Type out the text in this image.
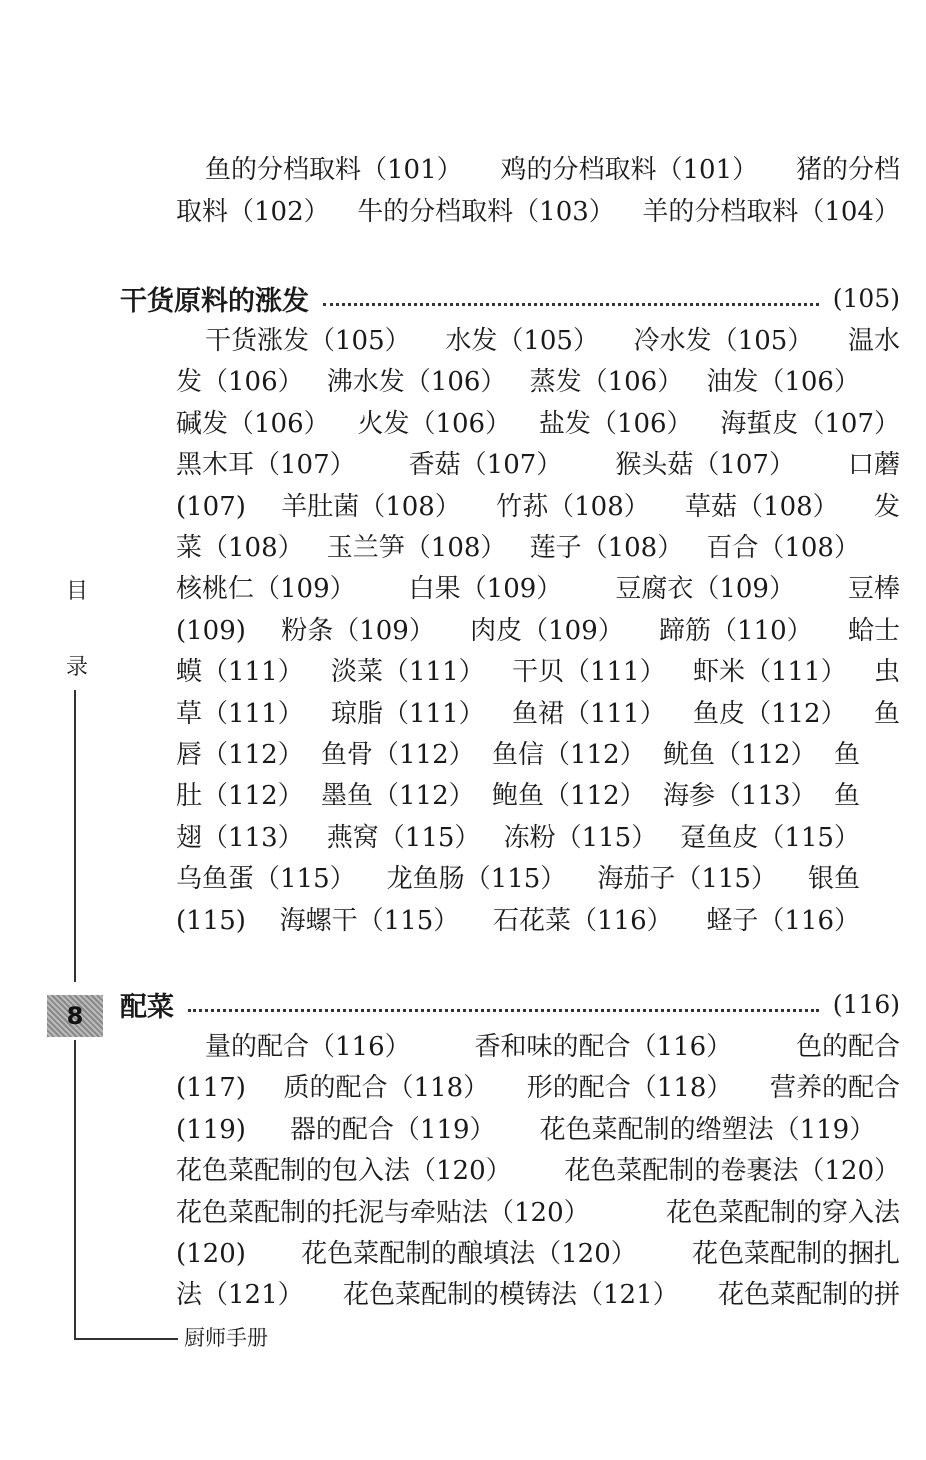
目
录
8
厨师手册
干货原料的涨发	(105)
配菜	(116)
鱼的分档取料（101） 鸡的分档取料（101） 猪的分档
取料（102） 牛的分档取料（103） 羊的分档取料（104）
干货涨发（105） 水发（105） 冷水发（105） 温水
发（106） 沸水发（106） 蒸发（106） 油发（106）
碱发（106） 火发（106） 盐发（106） 海蜇皮（107）
黑木耳（107） 香菇（107） 猴头菇（107） 口蘑
(107) 羊肚菌（108） 竹荪（108） 草菇（108） 发
菜（108） 玉兰笋（108） 莲子（108） 百合（108）
核桃仁（109） 白果（109） 豆腐衣（109） 豆棒
(109) 粉条（109） 肉皮（109） 蹄筋（110） 蛤士
蟆（111） 淡菜（111） 干贝（111） 虾米（111） 虫
草（111） 琼脂（111） 鱼裙（111） 鱼皮（112） 鱼
唇（112） 鱼骨（112） 鱼信（112） 鱿鱼（112） 鱼
肚（112） 墨鱼（112） 鲍鱼（112） 海参（113） 鱼
翅（113） 燕窝（115） 冻粉（115） 趸鱼皮（115）
乌鱼蛋（115） 龙鱼肠（115） 海茄子（115） 银鱼
(115) 海螺干（115） 石花菜（116） 蛏子（116）
量的配合（116） 香和味的配合（116） 色的配合
(117) 质的配合（118） 形的配合（118） 营养的配合
(119) 器的配合（119） 花色菜配制的绺塑法（119）
花色菜配制的包入法（120） 花色菜配制的卷裹法（120）
花色菜配制的托泥与牵贴法（120）	花色菜配制的穿入法
(120) 花色菜配制的酿填法（120） 花色菜配制的捆扎
法（121） 花色菜配制的模铸法（121） 花色菜配制的拼
